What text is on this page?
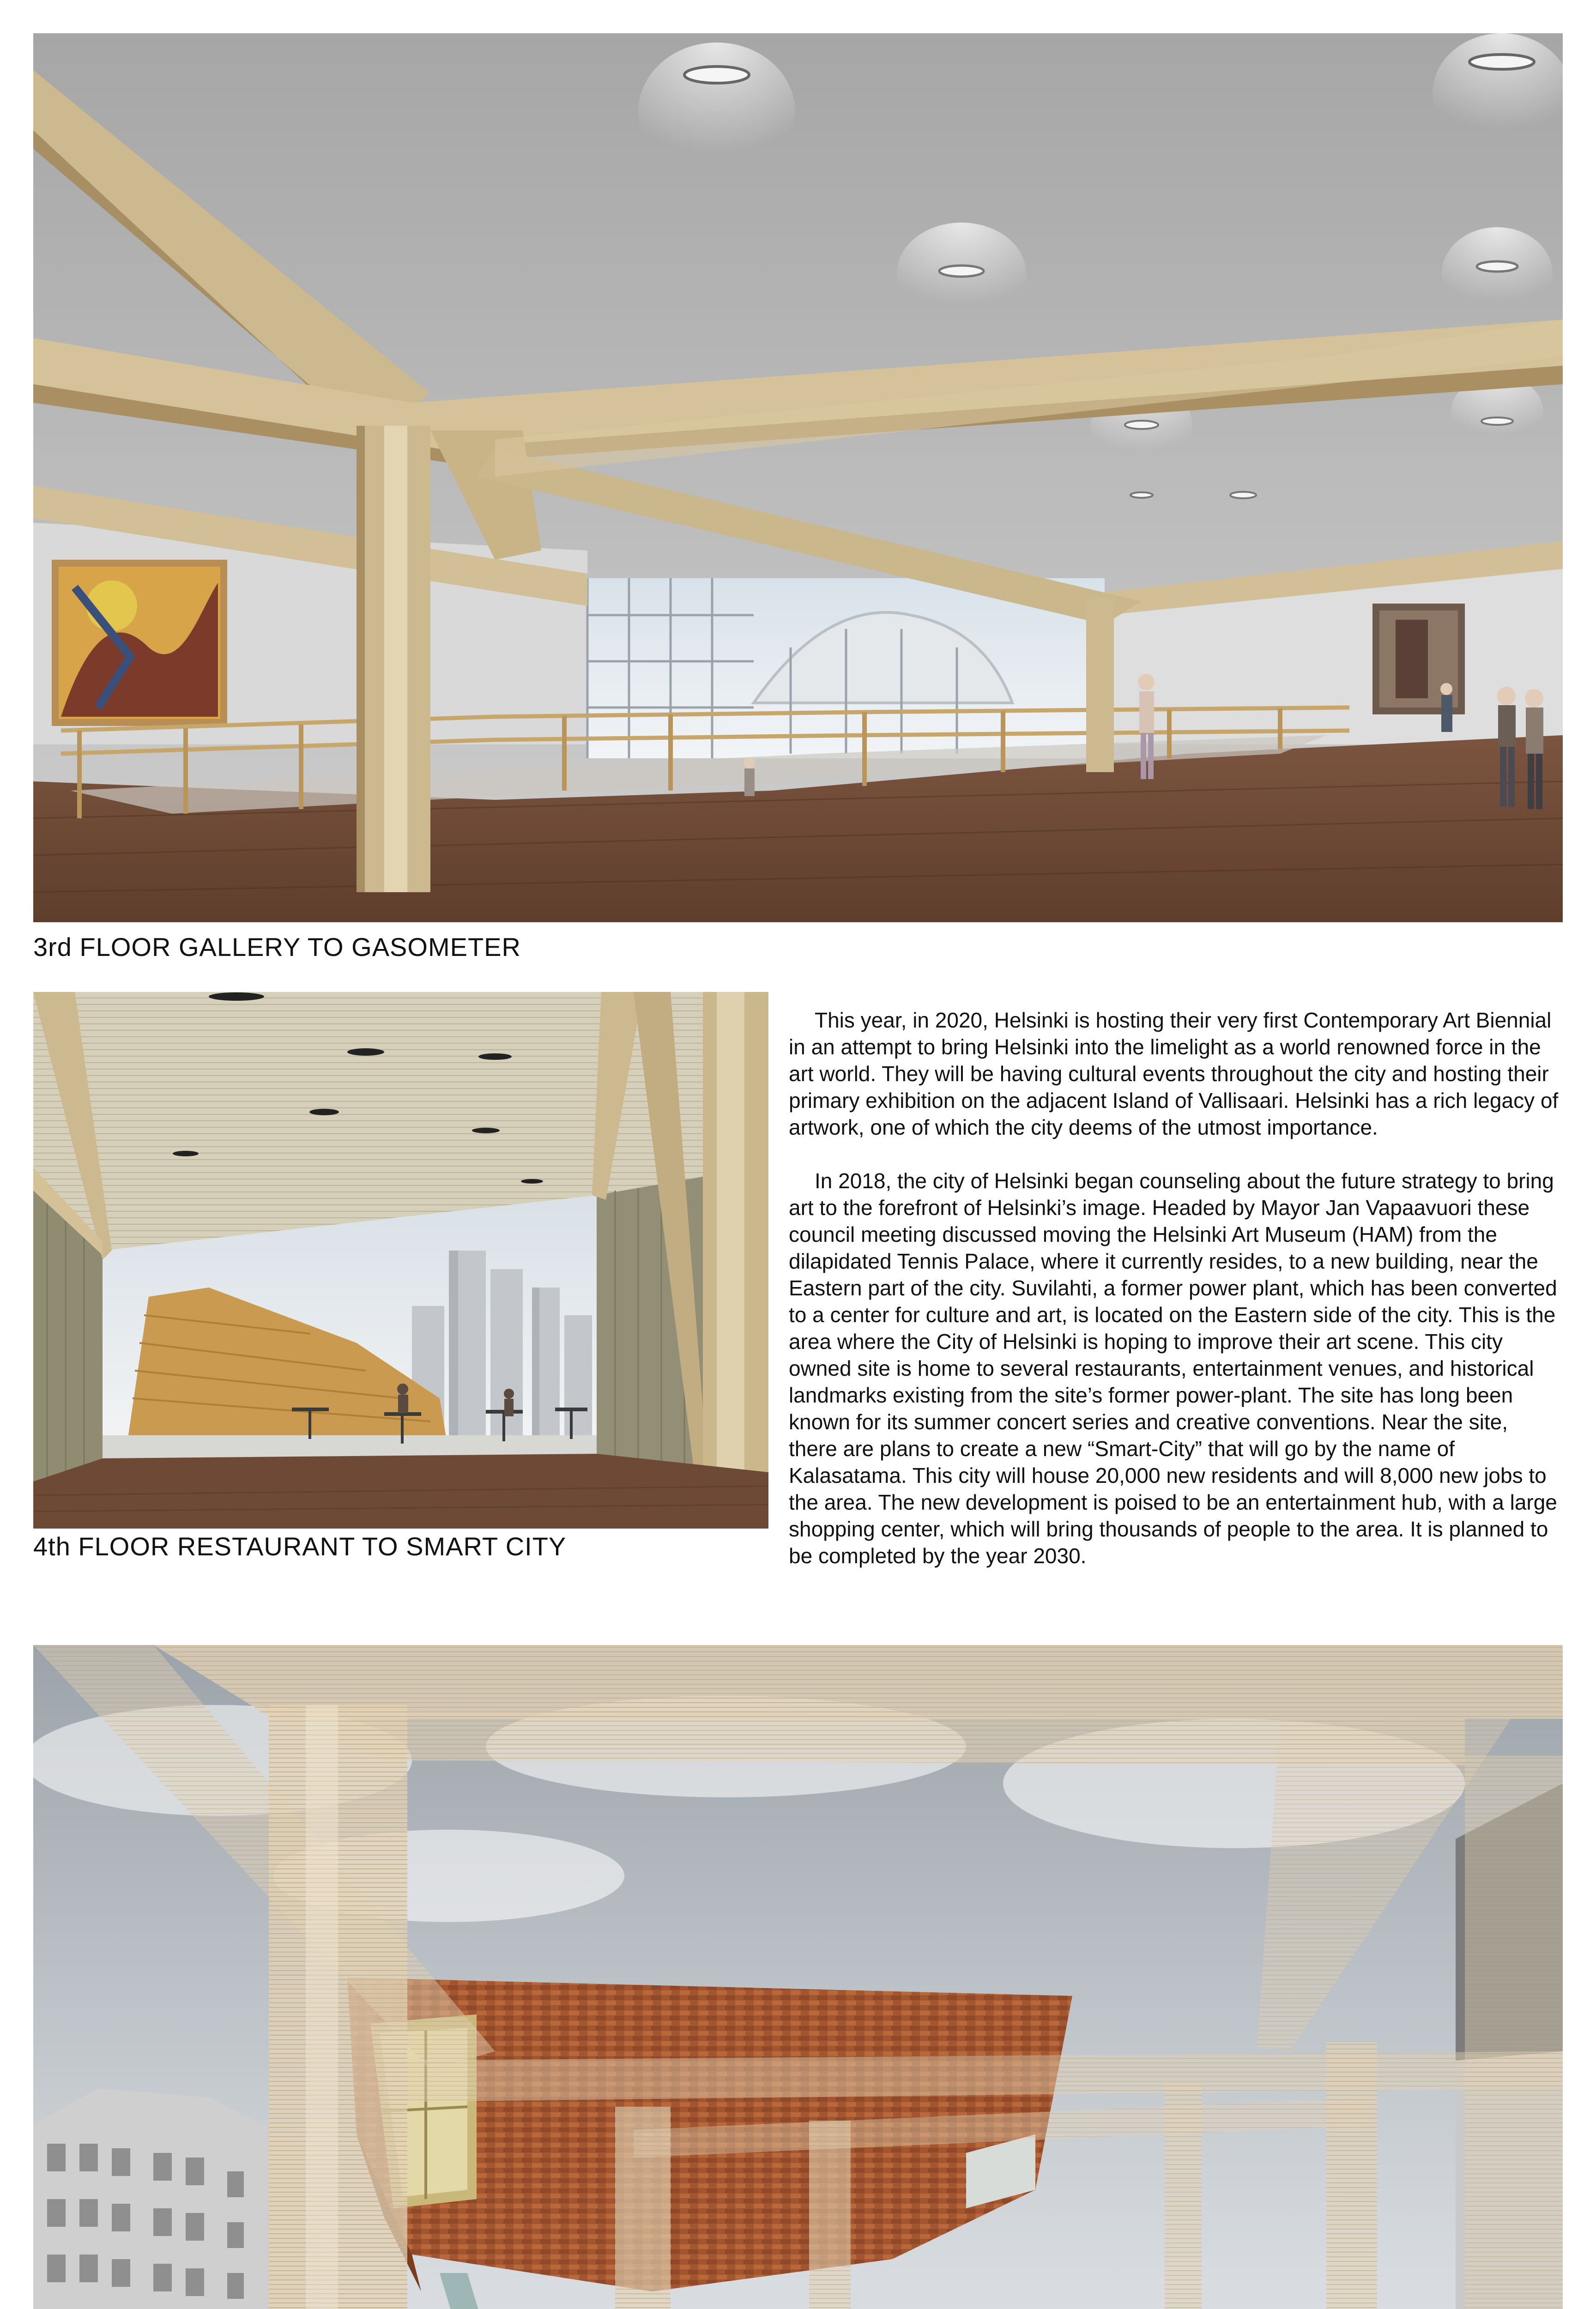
3rd FLOOR GALLERY TO GASOMETER
4th FLOOR RESTAURANT TO SMART CITY

This year, in 2020, Helsinki is hosting their very first Contemporary Art Biennial in an attempt to bring Helsinki into the limelight as a world renowned force in the art world. They will be having cultural events throughout the city and hosting their primary exhibition on the adjacent Island of Vallisaari. Helsinki has a rich legacy of artwork, one of which the city deems of the utmost importance.

In 2018, the city of Helsinki began counseling about the future strategy to bring art to the forefront of Helsinki’s image. Headed by Mayor Jan Vapaavuori these council meeting discussed moving the Helsinki Art Museum (HAM) from the dilapidated Tennis Palace, where it currently resides, to a new building, near the Eastern part of the city. Suvilahti, a former power plant, which has been converted to a center for culture and art, is located on the Eastern side of the city. This is the area where the City of Helsinki is hoping to improve their art scene. This city owned site is home to several restaurants, entertainment venues, and historical landmarks existing from the site’s former power-plant. The site has long been known for its summer concert series and creative conventions. Near the site, there are plans to create a new “Smart-City” that will go by the name of Kalasatama. This city will house 20,000 new residents and will 8,000 new jobs to the area. The new development is poised to be an entertainment hub, with a large shopping center, which will bring thousands of people to the area. It is planned to be completed by the year 2030.
